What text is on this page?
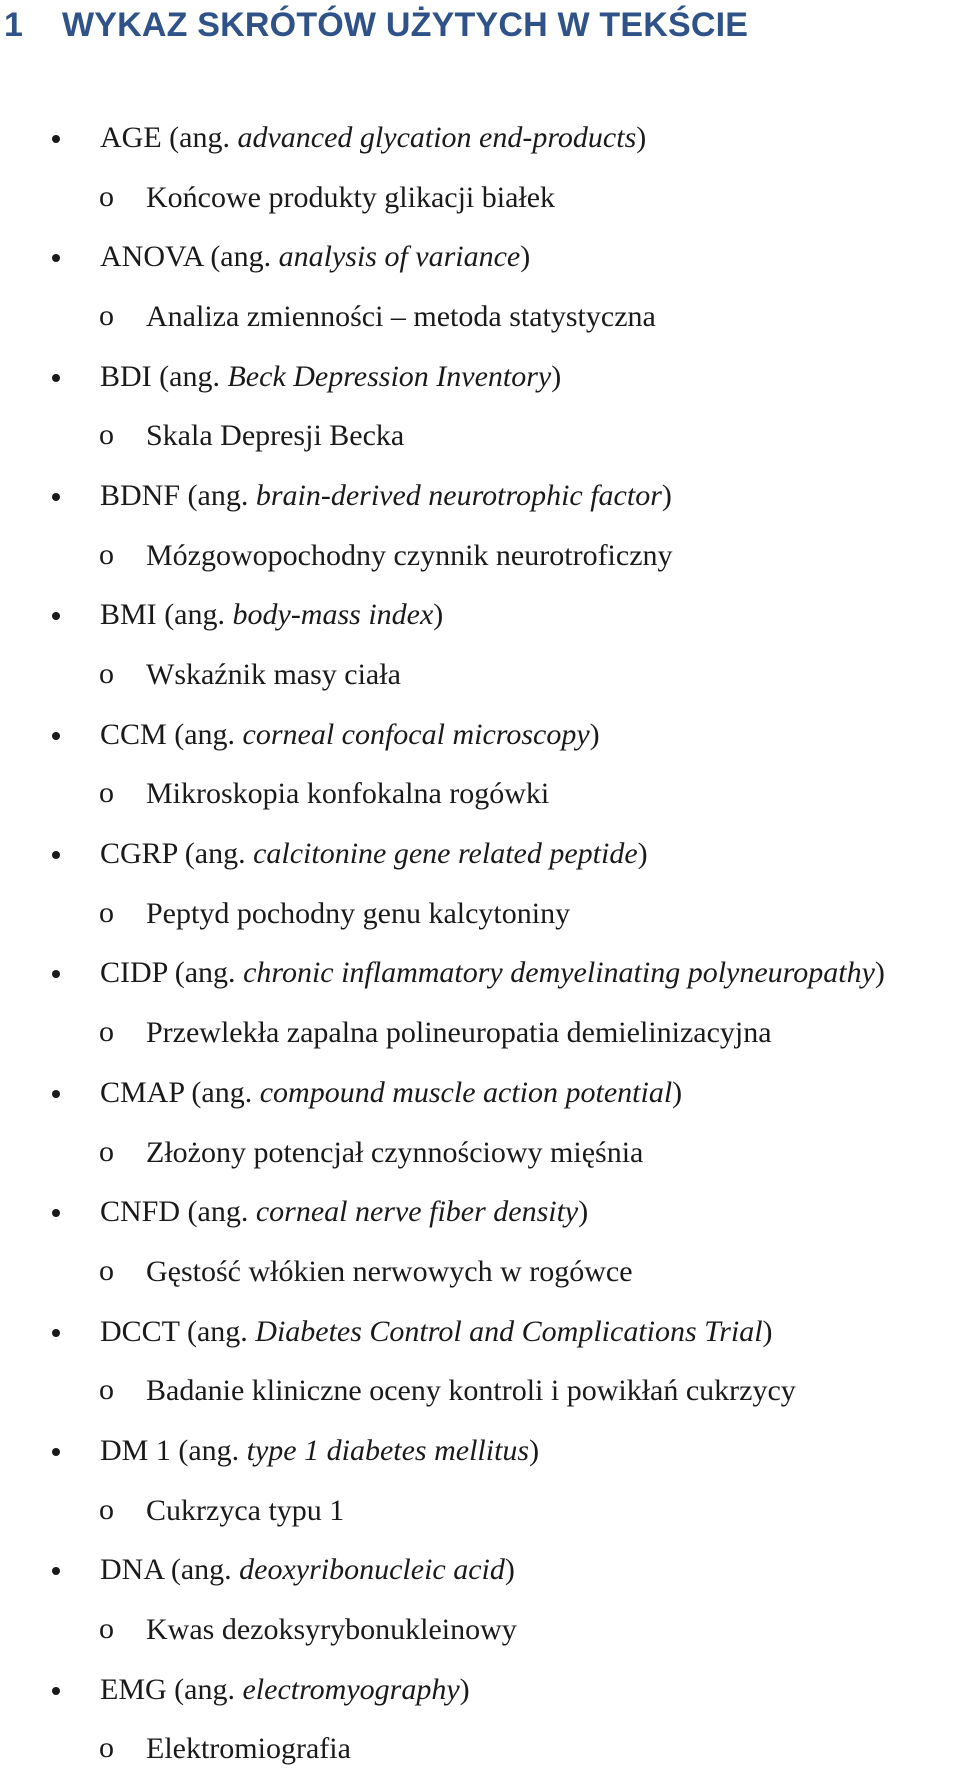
1	WYKAZ SKRÓTÓW UŻYTYCH W TEKŚCIE
AGE (ang. advanced glycation end-products)
o Końcowe produkty glikacji białek
ANOVA (ang. analysis of variance)
o Analiza zmienności – metoda statystyczna
BDI (ang. Beck Depression Inventory)
o Skala Depresji Becka
BDNF (ang. brain-derived neurotrophic factor)
o Mózgowopochodny czynnik neurotroficzny
BMI (ang. body-mass index)
o Wskaźnik masy ciała
CCM (ang. corneal confocal microscopy)
o Mikroskopia konfokalna rogówki
CGRP (ang. calcitonine gene related peptide)
o Peptyd pochodny genu kalcytoniny
CIDP (ang. chronic inflammatory demyelinating polyneuropathy)
o Przewlekła zapalna polineuropatia demielinizacyjna
CMAP (ang. compound muscle action potential)
o Złożony potencjał czynnościowy mięśnia
CNFD (ang. corneal nerve fiber density)
o Gęstość włókien nerwowych w rogówce
DCCT (ang. Diabetes Control and Complications Trial)
o Badanie kliniczne oceny kontroli i powikłań cukrzycy
DM 1 (ang. type 1 diabetes mellitus)
o Cukrzyca typu 1
DNA (ang. deoxyribonucleic acid)
o Kwas dezoksyrybonukleinowy
EMG (ang. electromyography)
o Elektromiografia
